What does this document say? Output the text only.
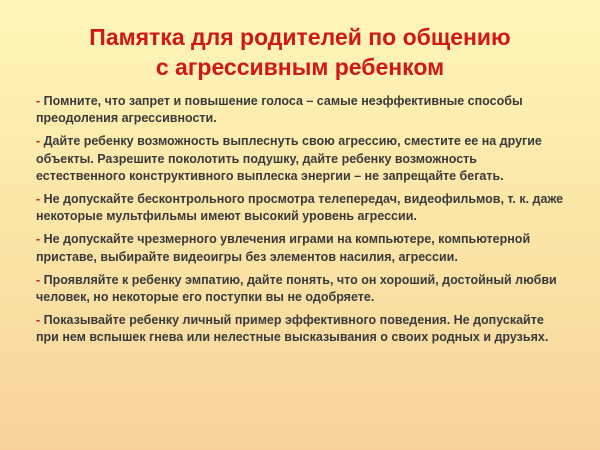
Памятка для родителей по общению
с агрессивным ребенком
- Помните, что запрет и повышение голоса – самые неэффективные способы преодоления агрессивности.
- Дайте ребенку возможность выплеснуть свою агрессию, сместите ее на другие объекты. Разрешите поколотить подушку, дайте ребенку возможность естественного конструктивного выплеска энергии – не запрещайте бегать.
- Не допускайте бесконтрольного просмотра телепередач, видеофильмов, т. к. даже некоторые мультфильмы имеют высокий уровень агрессии.
- Не допускайте чрезмерного увлечения играми на компьютере, компьютерной приставе, выбирайте видеоигры без элементов насилия, агрессии.
- Проявляйте к ребенку эмпатию, дайте понять, что он хороший, достойный любви человек, но некоторые его поступки вы не одобряете.
- Показывайте ребенку личный пример эффективного поведения. Не допускайте при нем вспышек гнева или нелестные высказывания о своих родных и друзьях.
